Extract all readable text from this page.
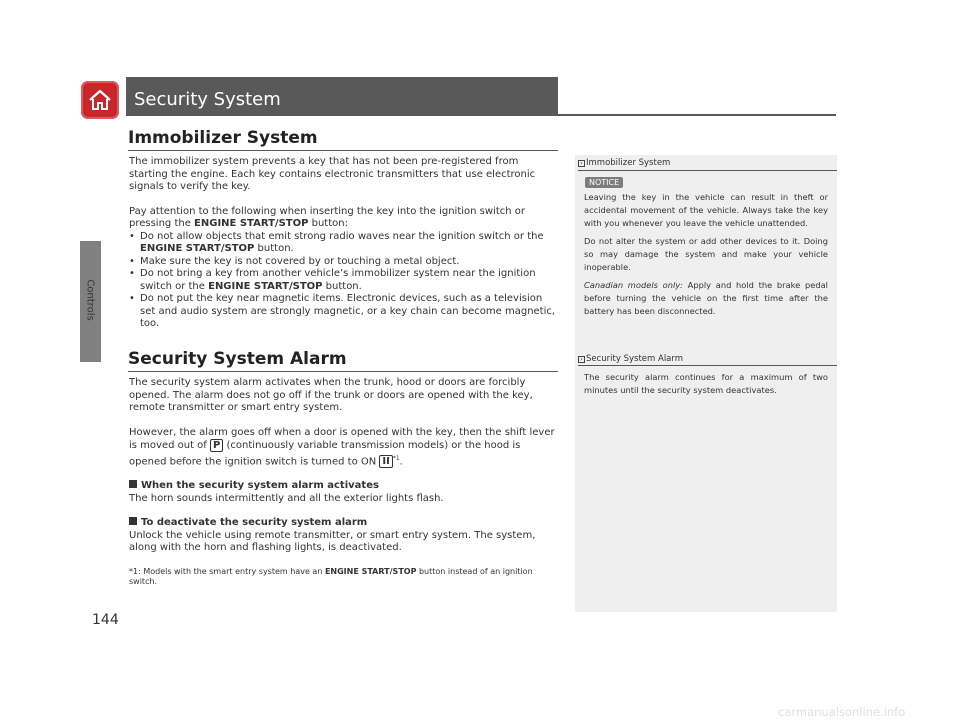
Controls
Security System
Immobilizer System

The immobilizer system prevents a key that has not been pre-registered from starting the engine. Each key contains electronic transmitters that use electronic signals to verify the key.

Pay attention to the following when inserting the key into the ignition switch or pressing the ENGINE START/STOP button:

• Do not allow objects that emit strong radio waves near the ignition switch or the ENGINE START/STOP button.

• Make sure the key is not covered by or touching a metal object.

• Do not bring a key from another vehicle’s immobilizer system near the ignition switch or the ENGINE START/STOP button.

• Do not put the key near magnetic items. Electronic devices, such as a television set and audio system are strongly magnetic, or a key chain can become magnetic, too.

Security System Alarm

The security system alarm activates when the trunk, hood or doors are forcibly opened. The alarm does not go off if the trunk or doors are opened with the key, remote transmitter or smart entry system.

However, the alarm goes off when a door is opened with the key, then the shift lever is moved out of P (continuously variable transmission models) or the hood is opened before the ignition switch is turned to ON II $^{*1}$.

When the security system alarm activates

The horn sounds intermittently and all the exterior lights flash.

To deactivate the security system alarm

Unlock the vehicle using remote transmitter, or smart entry system. The system, along with the horn and flashing lights, is deactivated.

*1: Models with the smart entry system have an ENGINE START/STOP button instead of an ignition switch.

› Immobilizer System
NOTICE

Leaving the key in the vehicle can result in theft or accidental movement of the vehicle. Always take the key with you whenever you leave the vehicle unattended.

Do not alter the system or add other devices to it. Doing so may damage the system and make your vehicle inoperable.

Canadian models only: Apply and hold the brake pedal before turning the vehicle on the first time after the battery has been disconnected.

› Security System Alarm
The security alarm continues for a maximum of two minutes until the security system deactivates.
144
carmanualsonline.info
